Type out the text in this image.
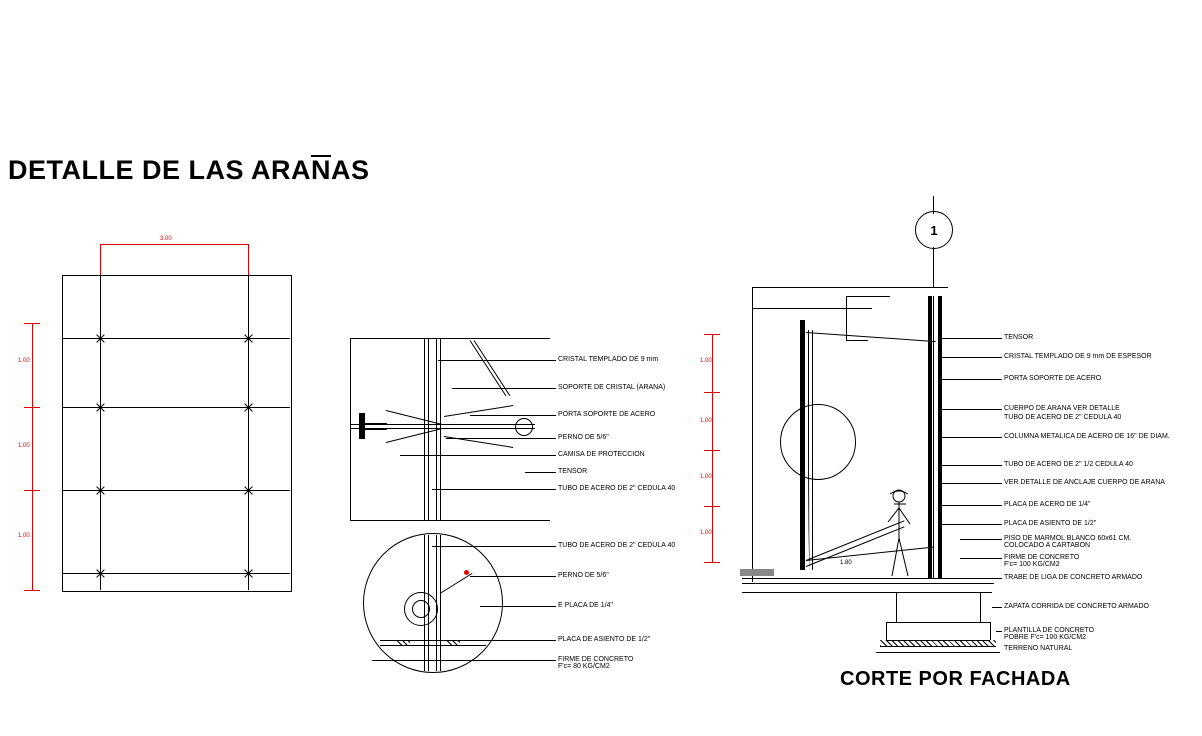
DETALLE DE LAS ARANAS
CORTE POR FACHADA
3.00
1.00
1.00
1.00
CRISTAL TEMPLADO DE 9 mm
SOPORTE DE CRISTAL (ARANA)
PORTA SOPORTE DE ACERO
PERNO DE 5/6"
CAMISA DE PROTECCION
TENSOR
TUBO DE ACERO DE 2" CEDULA 40
TUBO DE ACERO DE 2" CEDULA 40
PERNO DE 5/6"
E PLACA DE 1/4"
PLACA DE ASIENTO DE 1/2"
FIRME DE CONCRETO
F'c= 80 KG/CM2
1
1.80
1.00
1.00
1.00
1.00
TENSOR
CRISTAL TEMPLADO DE 9 mm DE ESPESOR
PORTA SOPORTE DE ACERO
CUERPO DE ARANA VER DETALLE
TUBO DE ACERO DE 2" CEDULA 40
COLUMNA METALICA DE ACERO DE 16" DE DIAM.
TUBO DE ACERO DE 2" 1/2 CEDULA 40
VER DETALLE DE ANCLAJE CUERPO DE ARANA
PLACA DE ACERO DE 1/4"
PLACA DE ASIENTO DE 1/2"
PISO DE MARMOL BLANCO 60x61 CM.
COLOCADO A CARTABON
FIRME DE CONCRETO
F'c= 100 KG/CM2
TRABE DE LIGA DE CONCRETO ARMADO
ZAPATA CORRIDA DE CONCRETO ARMADO
PLANTILLA DE CONCRETO
POBRE F'c= 100 KG/CM2
TERRENO NATURAL
